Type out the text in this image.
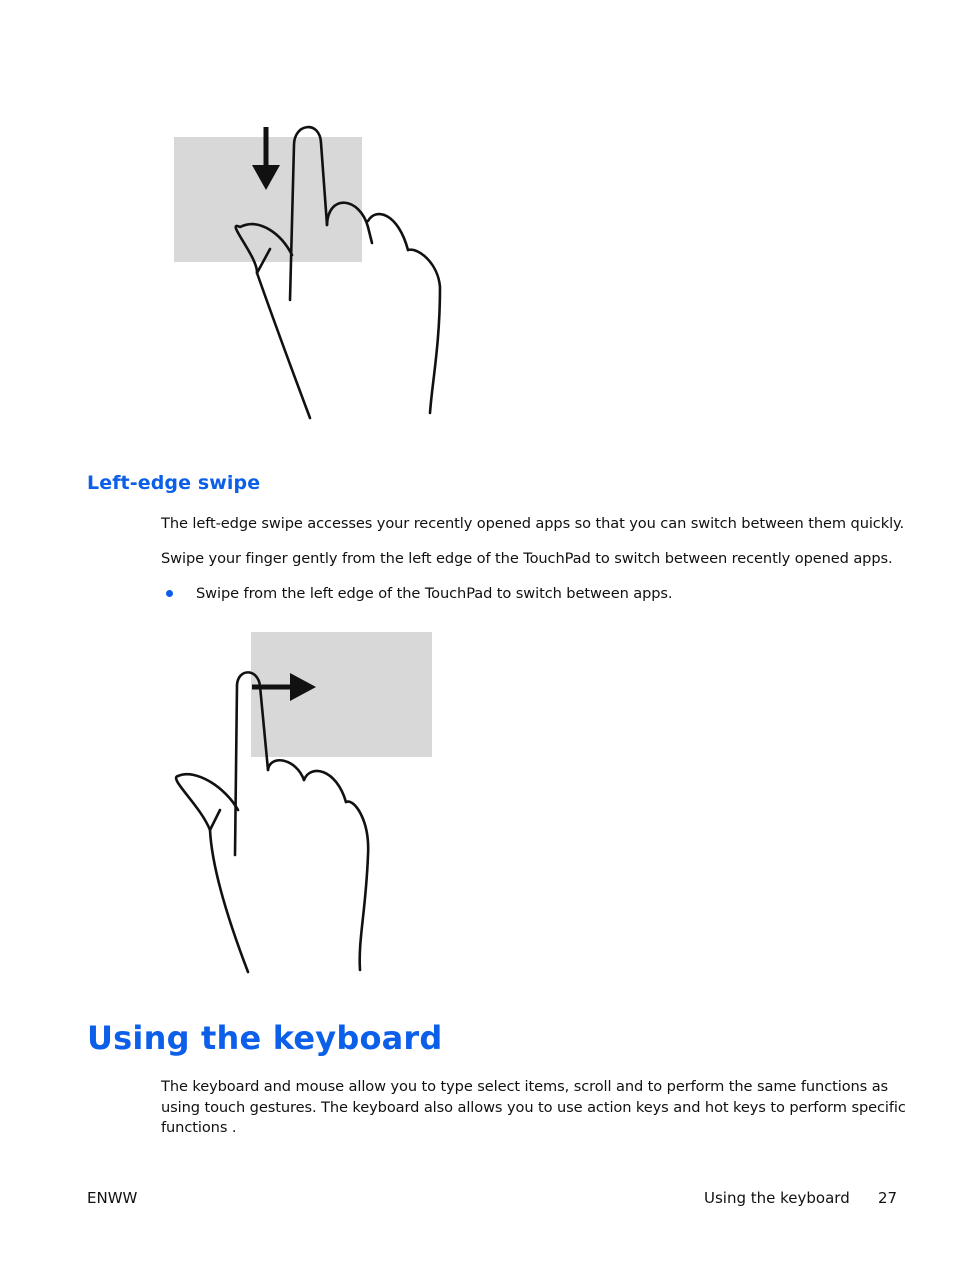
Left-edge swipe

The left-edge swipe accesses your recently opened apps so that you can switch between them quickly.

Swipe your finger gently from the left edge of the TouchPad to switch between recently opened apps.

Swipe from the left edge of the TouchPad to switch between apps.

Using the keyboard

The keyboard and mouse allow you to type select items, scroll and to perform the same functions as

using touch gestures. The keyboard also allows you to use action keys and hot keys to perform specific

functions .

ENWW	Using the keyboard 27
